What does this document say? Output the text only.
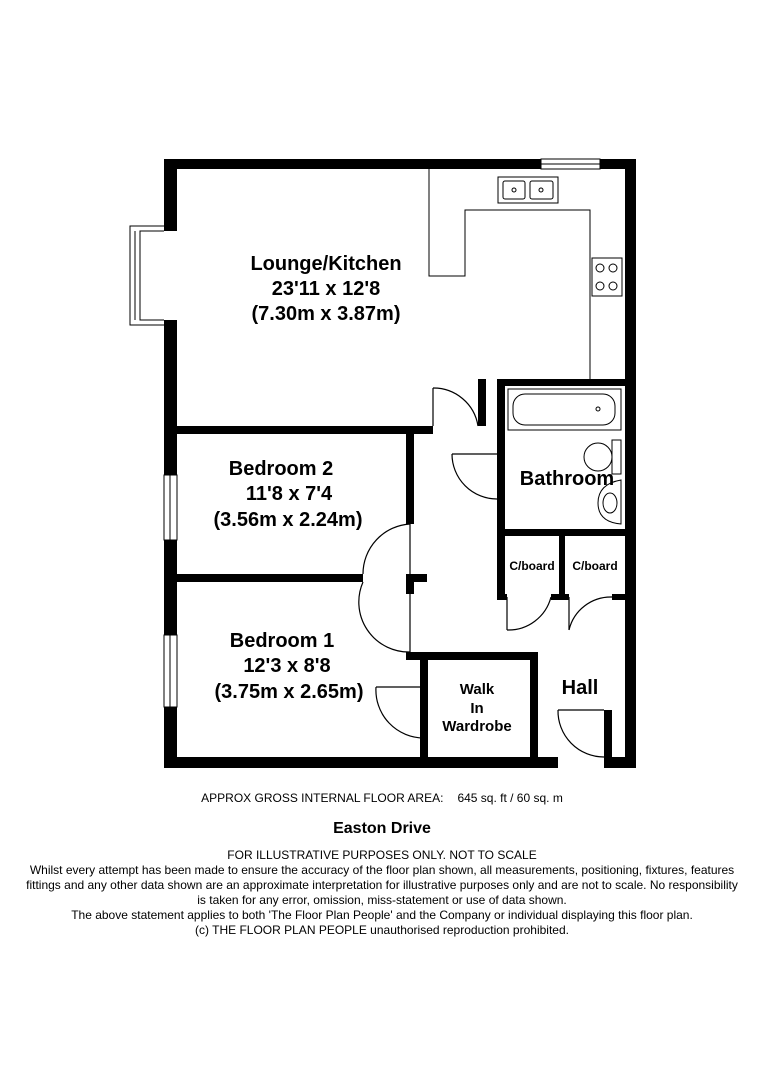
Lounge/Kitchen
23'11 x 12'8
(7.30m x 3.87m)
Bedroom 2
11'8 x 7'4
(3.56m x 2.24m)
Bedroom 1
12'3 x 8'8
(3.75m x 2.65m)
Bathroom
C/board C/board
Walk
In
Wardrobe
Hall
APPROX GROSS INTERNAL FLOOR AREA: 645 sq. ft / 60 sq. m
Easton Drive
FOR ILLUSTRATIVE PURPOSES ONLY. NOT TO SCALE
Whilst every attempt has been made to ensure the accuracy of the floor plan shown, all measurements, positioning, fixtures, features
fittings and any other data shown are an approximate interpretation for illustrative purposes only and are not to scale. No responsibility
is taken for any error, omission, miss-statement or use of data shown.
The above statement applies to both 'The Floor Plan People' and the Company or individual displaying this floor plan.
(c) THE FLOOR PLAN PEOPLE unauthorised reproduction prohibited.
